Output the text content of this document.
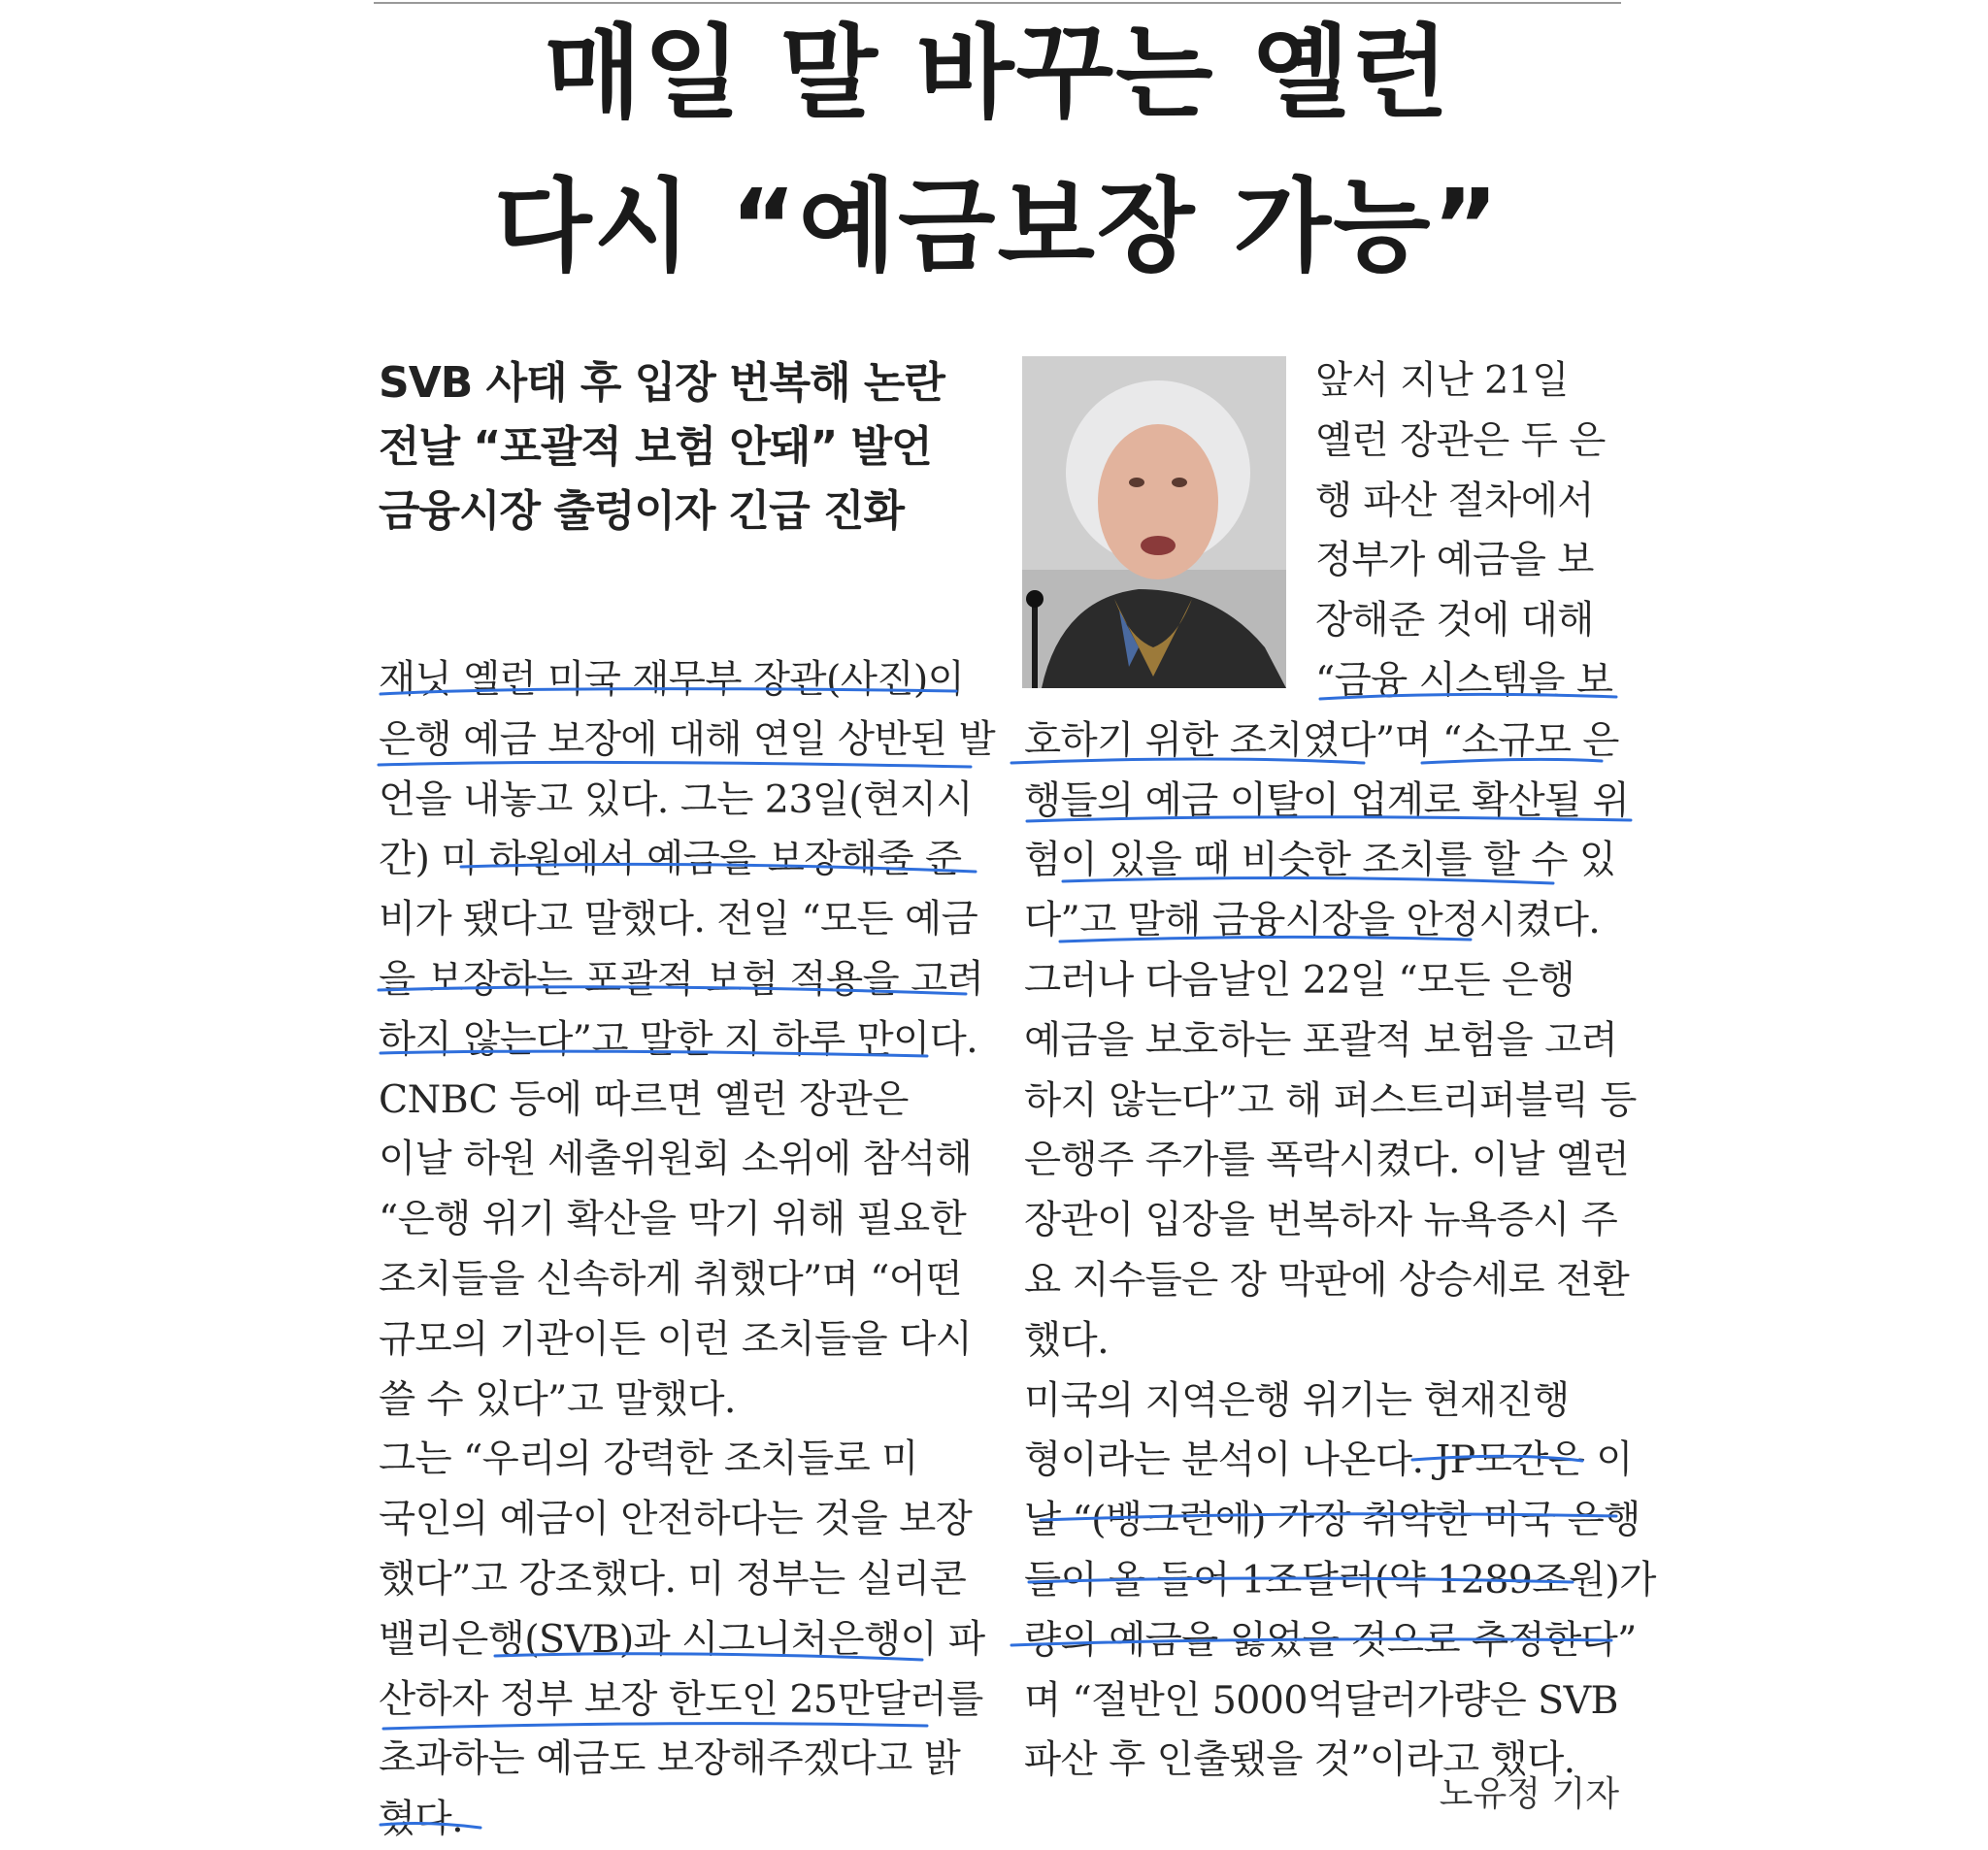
매일 말 바꾸는 옐런
다시 “예금보장 가능”
SVB 사태 후 입장 번복해 논란
전날 “포괄적 보험 안돼” 발언
금융시장 출렁이자 긴급 진화
재닛 옐런 미국 재무부 장관(사진)이
은행 예금 보장에 대해 연일 상반된 발
언을 내놓고 있다. 그는 23일(현지시
간) 미 하원에서 예금을 보장해줄 준
비가 됐다고 말했다. 전일 “모든 예금
을 보장하는 포괄적 보험 적용을 고려
하지 않는다”고 말한 지 하루 만이다.
CNBC 등에 따르면 옐런 장관은
이날 하원 세출위원회 소위에 참석해
“은행 위기 확산을 막기 위해 필요한
조치들을 신속하게 취했다”며 “어떤
규모의 기관이든 이런 조치들을 다시
쓸 수 있다”고 말했다.
그는 “우리의 강력한 조치들로 미
국인의 예금이 안전하다는 것을 보장
했다”고 강조했다. 미 정부는 실리콘
밸리은행(SVB)과 시그니처은행이 파
산하자 정부 보장 한도인 25만달러를
초과하는 예금도 보장해주겠다고 밝
혔다.
앞서 지난 21일
옐런 장관은 두 은
행 파산 절차에서
정부가 예금을 보
장해준 것에 대해
“금융 시스템을 보
호하기 위한 조치였다”며 “소규모 은
행들의 예금 이탈이 업계로 확산될 위
험이 있을 때 비슷한 조치를 할 수 있
다”고 말해 금융시장을 안정시켰다.
그러나 다음날인 22일 “모든 은행
예금을 보호하는 포괄적 보험을 고려
하지 않는다”고 해 퍼스트리퍼블릭 등
은행주 주가를 폭락시켰다. 이날 옐런
장관이 입장을 번복하자 뉴욕증시 주
요 지수들은 장 막판에 상승세로 전환
했다.
미국의 지역은행 위기는 현재진행
형이라는 분석이 나온다. JP모간은 이
날 “(뱅크런에) 가장 취약한 미국 은행
들이 올 들어 1조달러(약 1289조원)가
량의 예금을 잃었을 것으로 추정한다”
며 “절반인 5000억달러가량은 SVB
파산 후 인출됐을 것”이라고 했다.
노유정 기자
